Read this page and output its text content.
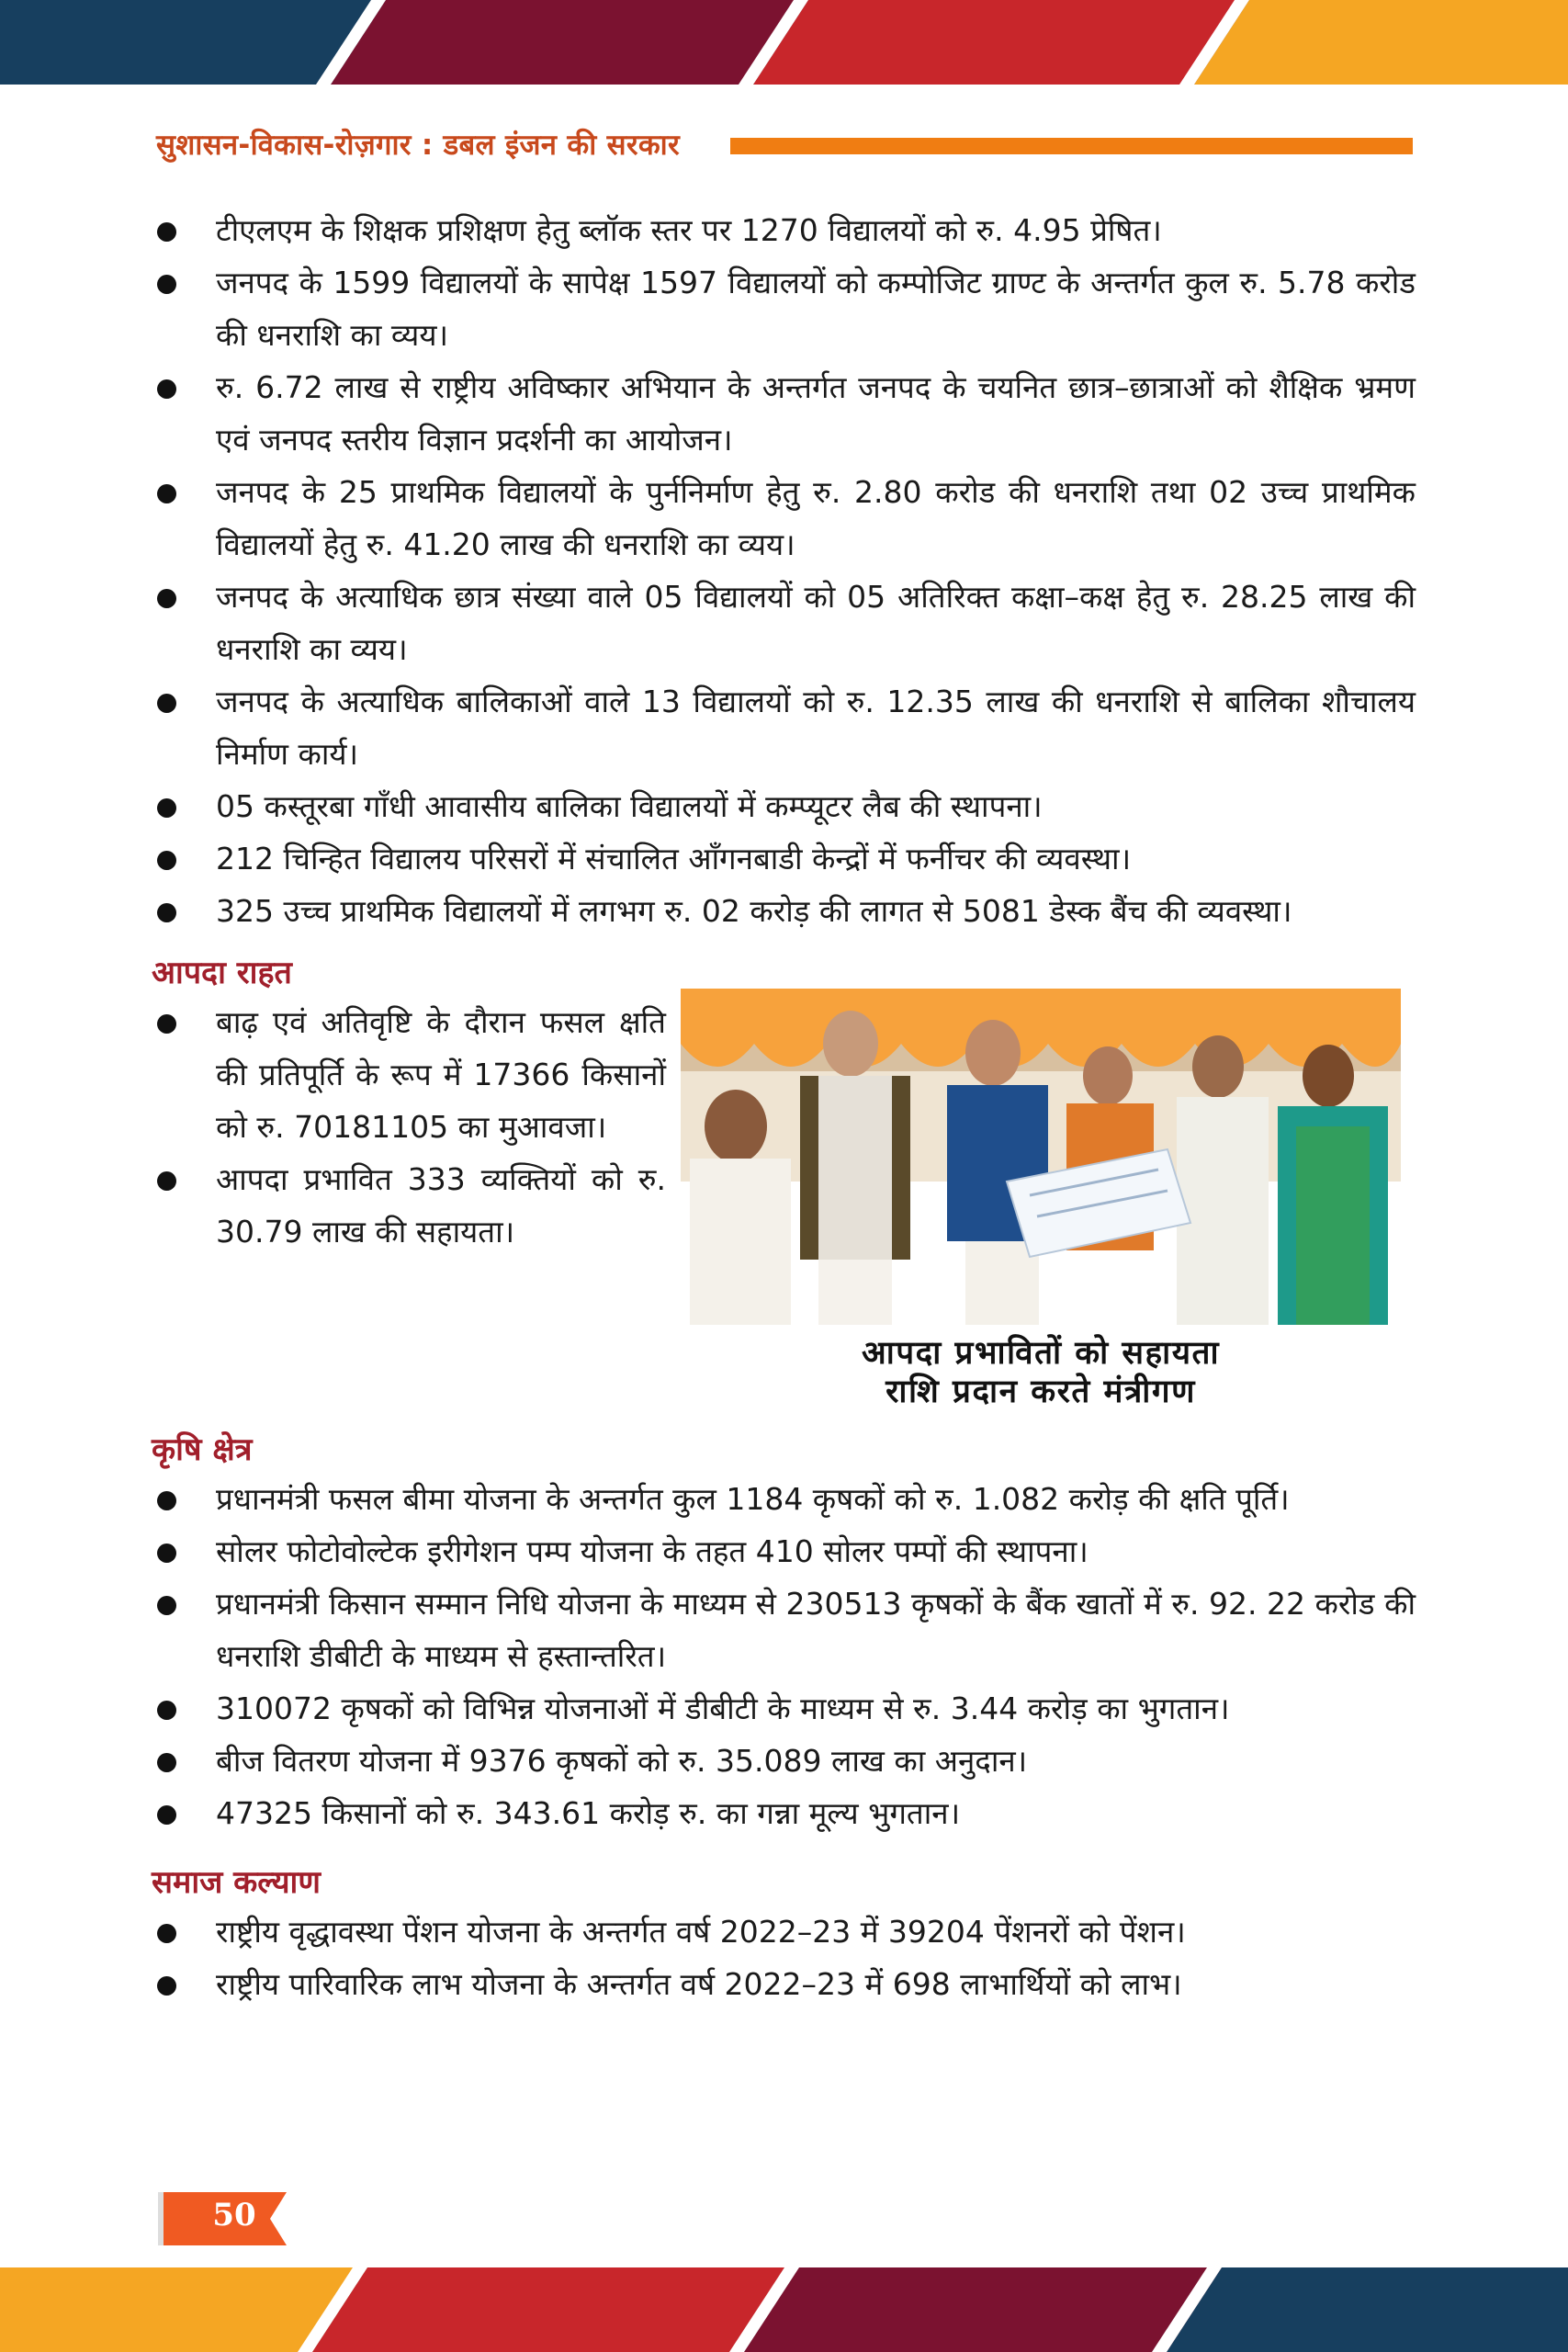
सुशासन-विकास-रोज़गार : डबल इंजन की सरकार
टीएलएम के शिक्षक प्रशिक्षण हेतु ब्लॉक स्तर पर 1270 विद्यालयों को रु. 4.95 प्रेषित।
जनपद के 1599 विद्यालयों के सापेक्ष 1597 विद्यालयों को कम्पोजिट ग्राण्ट के अन्तर्गत कुल रु. 5.78 करोड की धनराशि का व्यय।
रु. 6.72 लाख से राष्ट्रीय अविष्कार अभियान के अन्तर्गत जनपद के चयनित छात्र–छात्राओं को शैक्षिक भ्रमण एवं जनपद स्तरीय विज्ञान प्रदर्शनी का आयोजन।
जनपद के 25 प्राथमिक विद्यालयों के पुर्ननिर्माण हेतु रु. 2.80 करोड की धनराशि तथा 02 उच्च प्राथमिक विद्यालयों हेतु रु. 41.20 लाख की धनराशि का व्यय।
जनपद के अत्याधिक छात्र संख्या वाले 05 विद्यालयों को 05 अतिरिक्त कक्षा–कक्ष हेतु रु. 28.25 लाख की धनराशि का व्यय।
जनपद के अत्याधिक बालिकाओं वाले 13 विद्यालयों को रु. 12.35 लाख की धनराशि से बालिका शौचालय निर्माण कार्य।
05 कस्तूरबा गाँधी आवासीय बालिका विद्यालयों में कम्प्यूटर लैब की स्थापना।
212 चिन्हित विद्यालय परिसरों में संचालित आँगनबाडी केन्द्रों में फर्नीचर की व्यवस्था।
325 उच्च प्राथमिक विद्यालयों में लगभग रु. 02 करोड़ की लागत से 5081 डेस्क बैंच की व्यवस्था।
आपदा राहत
बाढ़ एवं अतिवृष्टि के दौरान फसल क्षति की प्रतिपूर्ति के रूप में 17366 किसानों को रु. 70181105 का मुआवजा।
आपदा प्रभावित 333 व्यक्तियों को रु. 30.79 लाख की सहायता।
आपदा प्रभावितों को सहायता
राशि प्रदान करते मंत्रीगण
कृषि क्षेत्र
प्रधानमंत्री फसल बीमा योजना के अन्तर्गत कुल 1184 कृषकों को रु. 1.082 करोड़ की क्षति पूर्ति।
सोलर फोटोवोल्टेक इरीगेशन पम्प योजना के तहत 410 सोलर पम्पों की स्थापना।
प्रधानमंत्री किसान सम्मान निधि योजना के माध्यम से 230513 कृषकों के बैंक खातों में रु. 92. 22 करोड की धनराशि डीबीटी के माध्यम से हस्तान्तरित।
310072 कृषकों को विभिन्न योजनाओं में डीबीटी के माध्यम से रु. 3.44 करोड़ का भुगतान।
बीज वितरण योजना में 9376 कृषकों को रु. 35.089 लाख का अनुदान।
47325 किसानों को रु. 343.61 करोड़ रु. का गन्ना मूल्य भुगतान।
समाज कल्याण
राष्ट्रीय वृद्धावस्था पेंशन योजना के अन्तर्गत वर्ष 2022–23 में 39204 पेंशनरों को पेंशन।
राष्ट्रीय पारिवारिक लाभ योजना के अन्तर्गत वर्ष 2022–23 में 698 लाभार्थियों को लाभ।
50
